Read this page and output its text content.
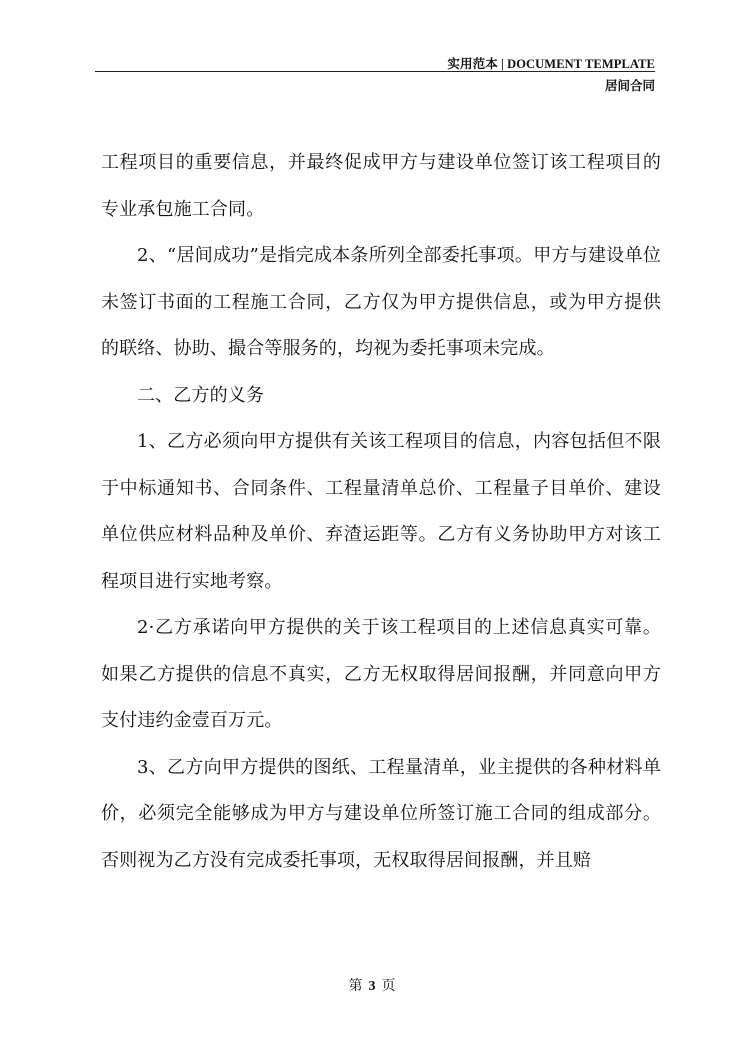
实用范本 | DOCUMENT TEMPLATE
居间合同

工程项目的重要信息，并最终促成甲方与建设单位签订该工程项目的专业承包施工合同。

2、“居间成功”是指完成本条所列全部委托事项。甲方与建设单位未签订书面的工程施工合同，乙方仅为甲方提供信息，或为甲方提供的联络、协助、撮合等服务的，均视为委托事项未完成。

二、乙方的义务

1、乙方必须向甲方提供有关该工程项目的信息，内容包括但不限于中标通知书、合同条件、工程量清单总价、工程量子目单价、建设单位供应材料品种及单价、弃渣运距等。乙方有义务协助甲方对该工程项目进行实地考察。

2·乙方承诺向甲方提供的关于该工程项目的上述信息真实可靠。如果乙方提供的信息不真实，乙方无权取得居间报酬，并同意向甲方支付违约金壹百万元。

3、乙方向甲方提供的图纸、工程量清单，业主提供的各种材料单价，必须完全能够成为甲方与建设单位所签订施工合同的组成部分。否则视为乙方没有完成委托事项，无权取得居间报酬，并且赔

第 3 页
